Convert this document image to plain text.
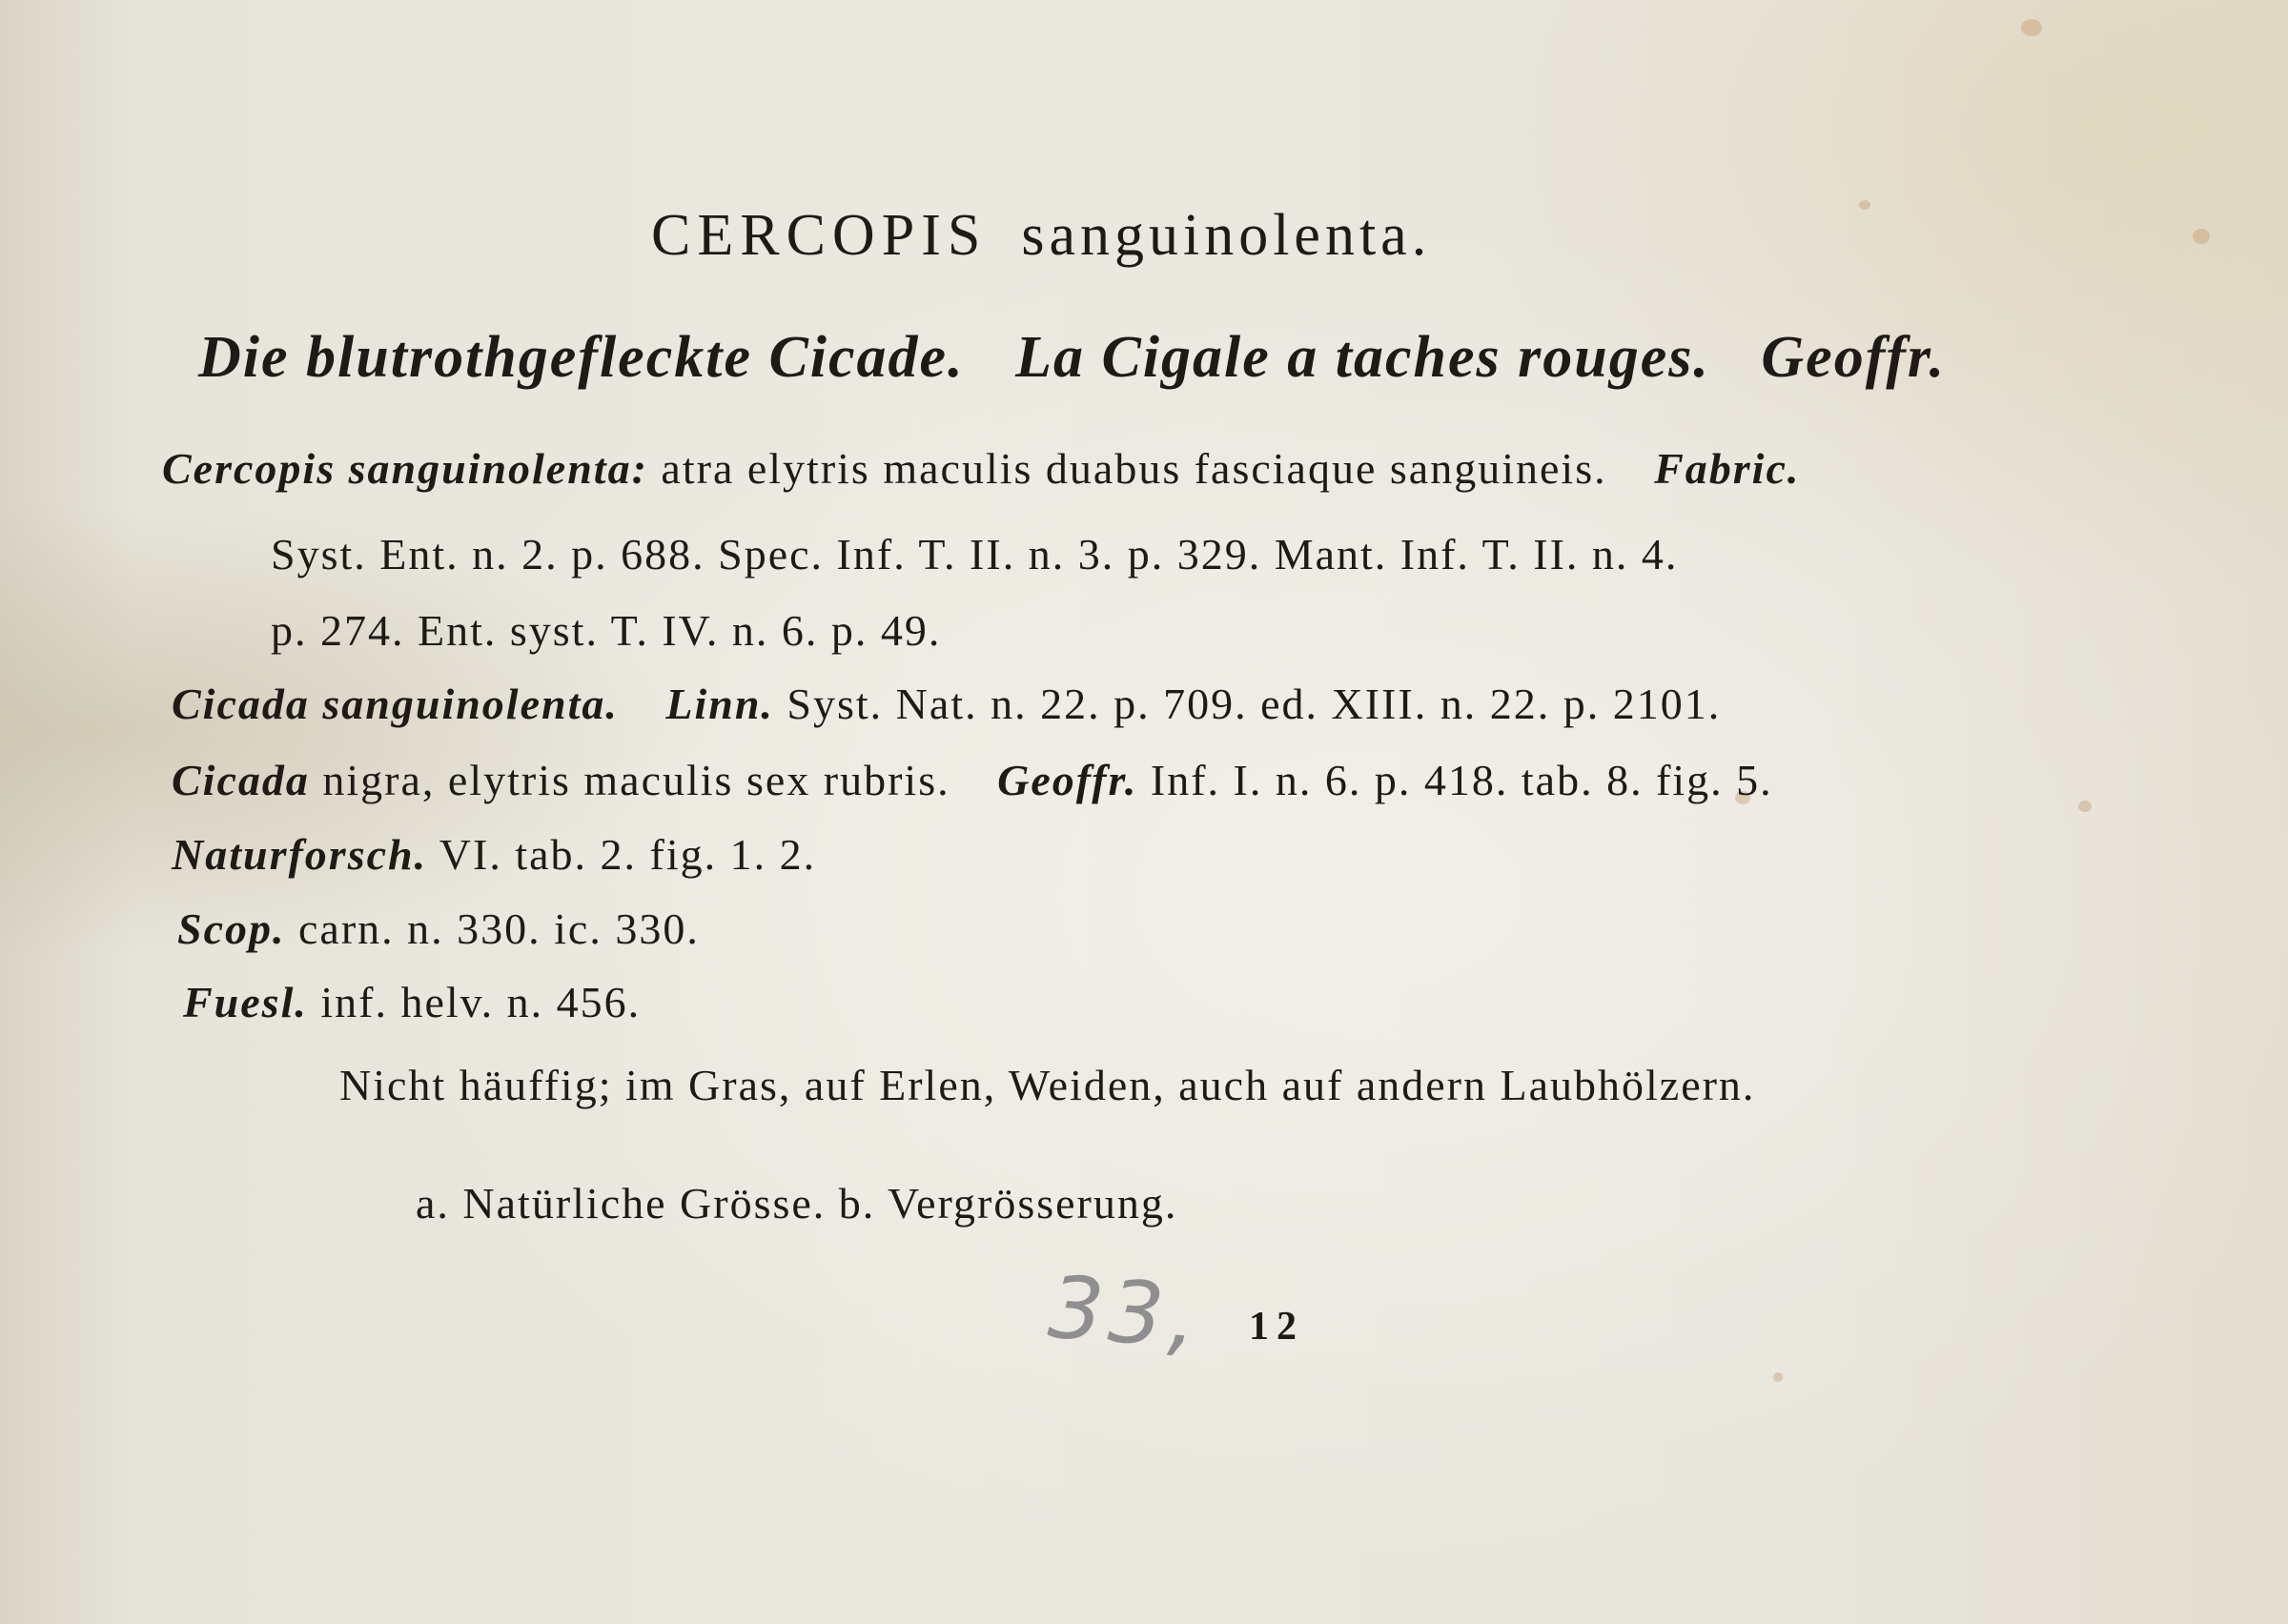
CERCOPIS sanguinolenta.
Die blutrothgefleckte Cicade. La Cigale a taches rouges. Geoffr.
Cercopis sanguinolenta: atra elytris maculis duabus fasciaque sanguineis. Fabric.
Syst. Ent. n. 2. p. 688. Spec. Inf. T. II. n. 3. p. 329. Mant. Inf. T. II. n. 4.
p. 274. Ent. syst. T. IV. n. 6. p. 49.
Cicada sanguinolenta. Linn. Syst. Nat. n. 22. p. 709. ed. XIII. n. 22. p. 2101.
Cicada nigra, elytris maculis sex rubris. Geoffr. Inf. I. n. 6. p. 418. tab. 8. fig. 5.
Naturforsch. VI. tab. 2. fig. 1. 2.
Scop. carn. n. 330. ic. 330.
Fuesl. inf. helv. n. 456.
Nicht häuffig; im Gras, auf Erlen, Weiden, auch auf andern Laubhölzern.
a. Natürliche Grösse. b. Vergrösserung.
33, 12
